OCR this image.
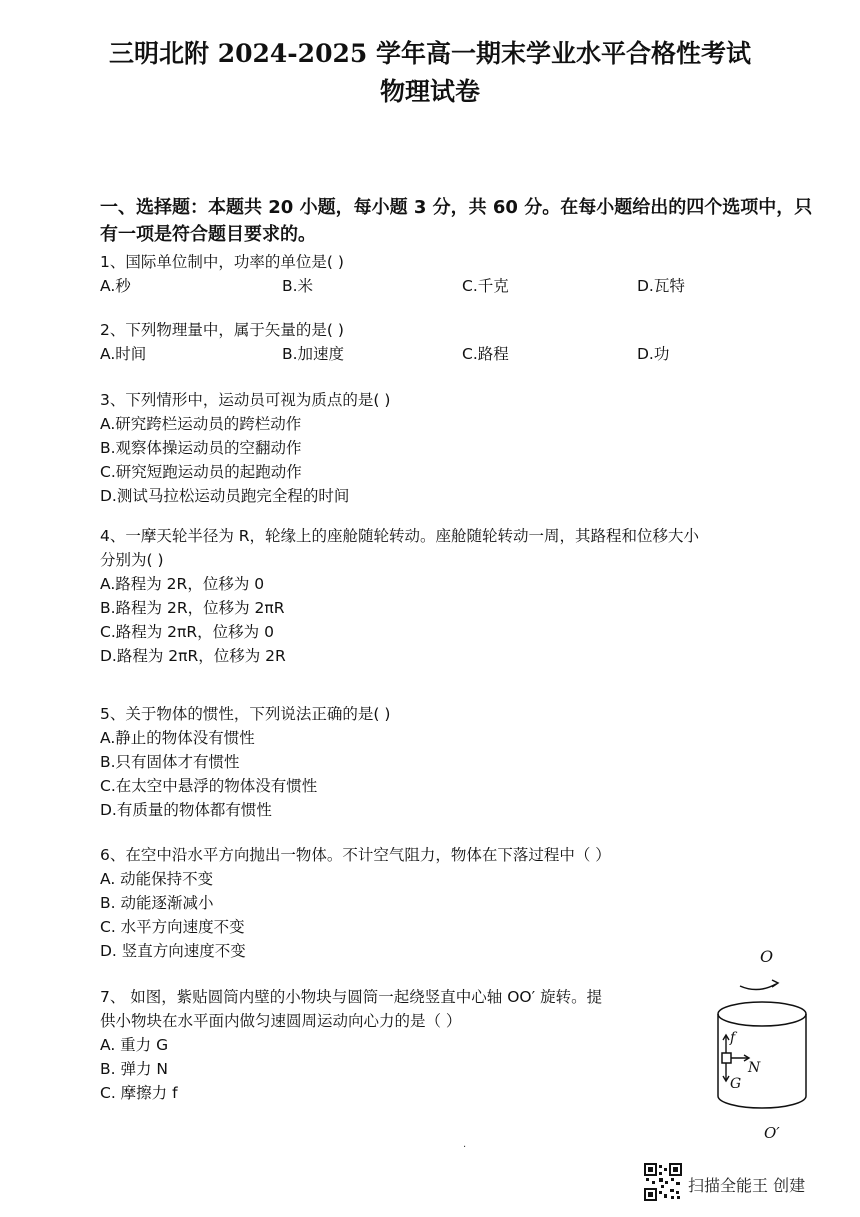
三明北附 2024-2025 学年高一期末学业水平合格性考试
物理试卷

一、选择题：本题共 20 小题，每小题 3 分，共 60 分。在每小题给出的四个选项中，只有一项是符合题目要求的。

1、国际单位制中，功率的单位是( )

A.秒	B.米	C.千克	D.瓦特

2、下列物理量中，属于矢量的是( )

A.时间	B.加速度	C.路程	D.功

3、下列情形中，运动员可视为质点的是( )

A.研究跨栏运动员的跨栏动作

B.观察体操运动员的空翻动作

C.研究短跑运动员的起跑动作

D.测试马拉松运动员跑完全程的时间

4、一摩天轮半径为 R，轮缘上的座舱随轮转动。座舱随轮转动一周，其路程和位移大小

分别为( )

A.路程为 2R，位移为 0

B.路程为 2R，位移为 2πR

C.路程为 2πR，位移为 0

D.路程为 2πR，位移为 2R

5、关于物体的惯性，下列说法正确的是( )

A.静止的物体没有惯性

B.只有固体才有惯性

C.在太空中悬浮的物体没有惯性

D.有质量的物体都有惯性

6、在空中沿水平方向抛出一物体。不计空气阻力，物体在下落过程中（ ）

A. 动能保持不变

B. 动能逐渐减小

C. 水平方向速度不变

D. 竖直方向速度不变

7、 如图，紫贴圆筒内壁的小物块与圆筒一起绕竖直中心轴 OO′ 旋转。提

供小物块在水平面内做匀速圆周运动向心力的是（ ）

A. 重力 G

B. 弹力 N

C. 摩擦力 f

O
f
N
G
O′
·
扫描全能王 创建
